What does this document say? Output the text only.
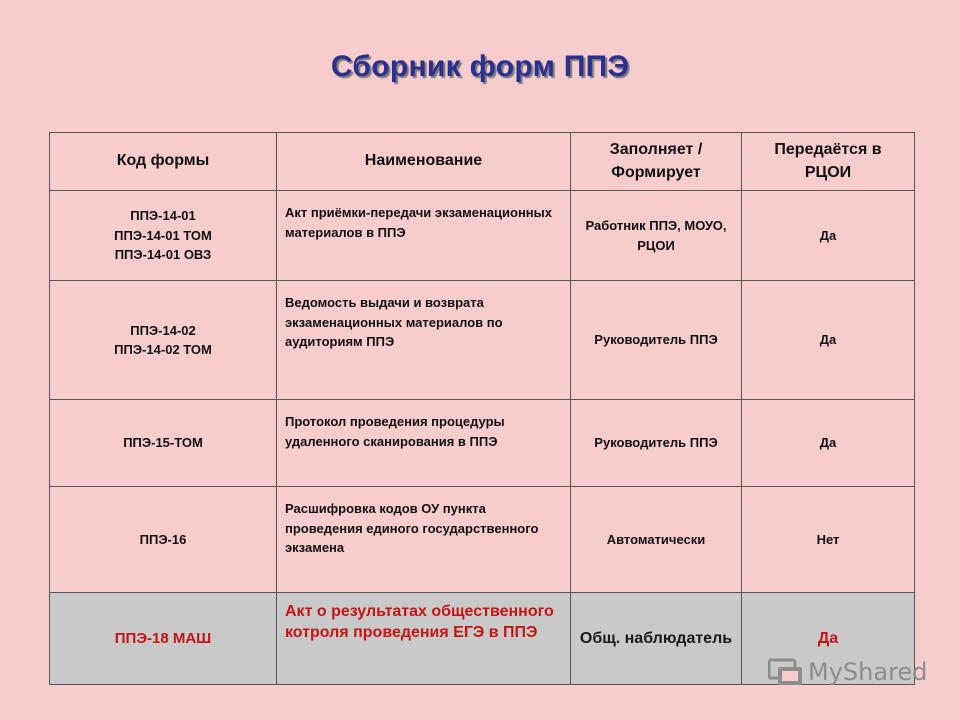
Сборник форм ППЭ
Код формы	Наименование	Заполняет / Формирует	Передаётся в РЦОИ

ППЭ-14-01
ППЭ-14-01 ТОМ
ППЭ-14-01 ОВЗ	Акт приёмки-передачи экзаменационных материалов в ППЭ	Работник ППЭ, МОУО, РЦОИ	Да

ППЭ-14-02
ППЭ-14-02 ТОМ	Ведомость выдачи и возврата экзаменационных материалов по аудиториям ППЭ	Руководитель ППЭ	Да

ППЭ-15-ТОМ	Протокол проведения процедуры удаленного сканирования в ППЭ	Руководитель ППЭ	Да

ППЭ-16	Расшифровка кодов ОУ пункта проведения единого государственного экзамена	Автоматически	Нет

ППЭ-18 МАШ	Акт о результатах общественного котроля проведения ЕГЭ в ППЭ	Общ. наблюдатель	Да
MyShared
